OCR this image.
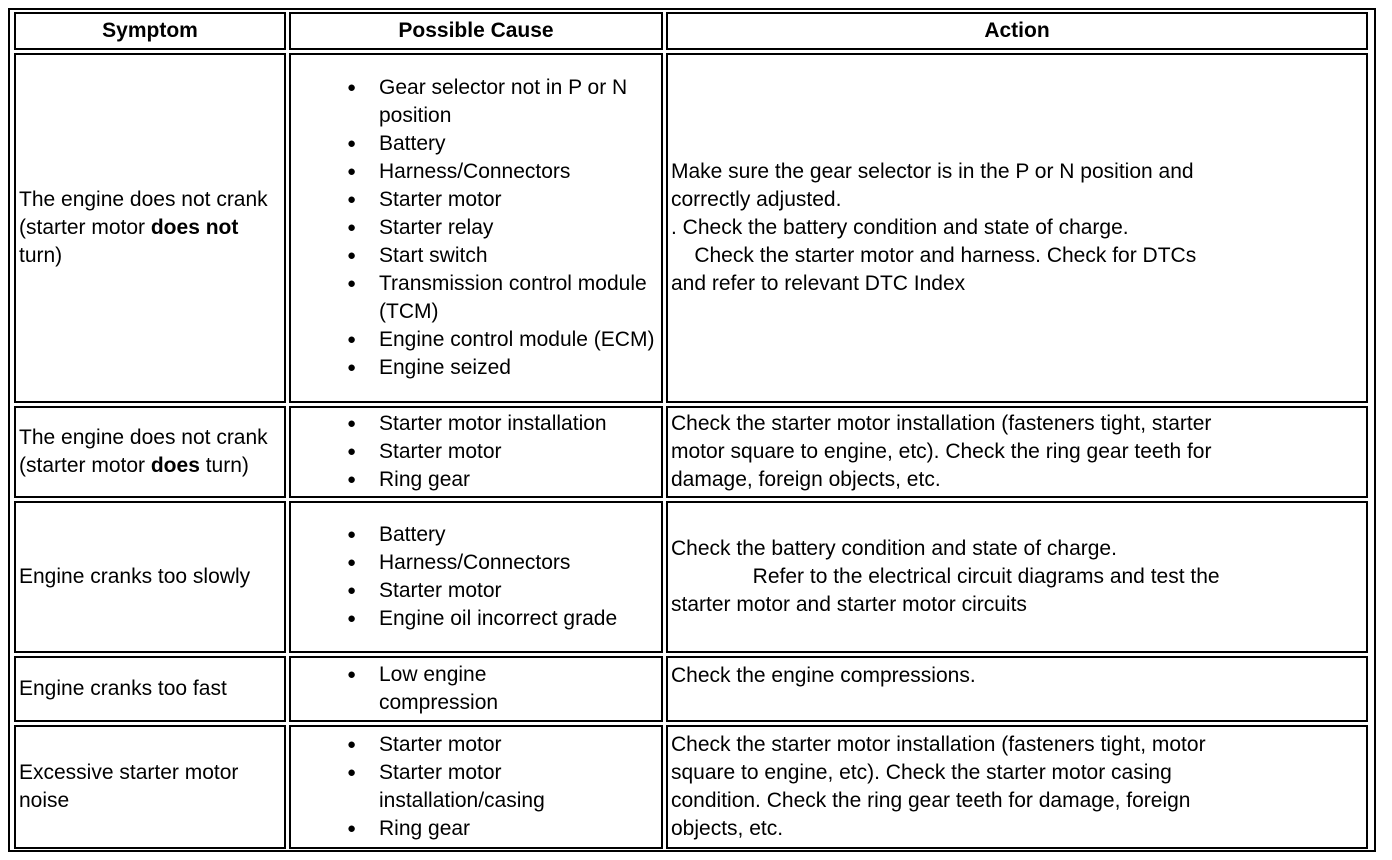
Symptom	Possible Cause	Action

The engine does not crank (starter motor does not turn)

● Gear selector not in P or N position
● Battery
● Harness/Connectors
● Starter motor
● Starter relay
● Start switch
● Transmission control module (TCM)
● Engine control module (ECM)
● Engine seized
Make sure the gear selector is in the P or N position and
correctly adjusted.
. Check the battery condition and state of charge.
Check the starter motor and harness. Check for DTCs
and refer to relevant DTC Index

The engine does not crank (starter motor does turn)

● Starter motor installation
● Starter motor
● Ring gear
Check the starter motor installation (fasteners tight, starter
motor square to engine, etc). Check the ring gear teeth for
damage, foreign objects, etc.

Engine cranks too slowly

● Battery
● Harness/Connectors
● Starter motor
● Engine oil incorrect grade
Check the battery condition and state of charge.
Refer to the electrical circuit diagrams and test the
starter motor and starter motor circuits

Engine cranks too fast

● Low engine compression
Check the engine compressions.

Excessive starter motor noise

● Starter motor
● Starter motor installation/casing
● Ring gear
Check the starter motor installation (fasteners tight, motor
square to engine, etc). Check the starter motor casing
condition. Check the ring gear teeth for damage, foreign
objects, etc.
